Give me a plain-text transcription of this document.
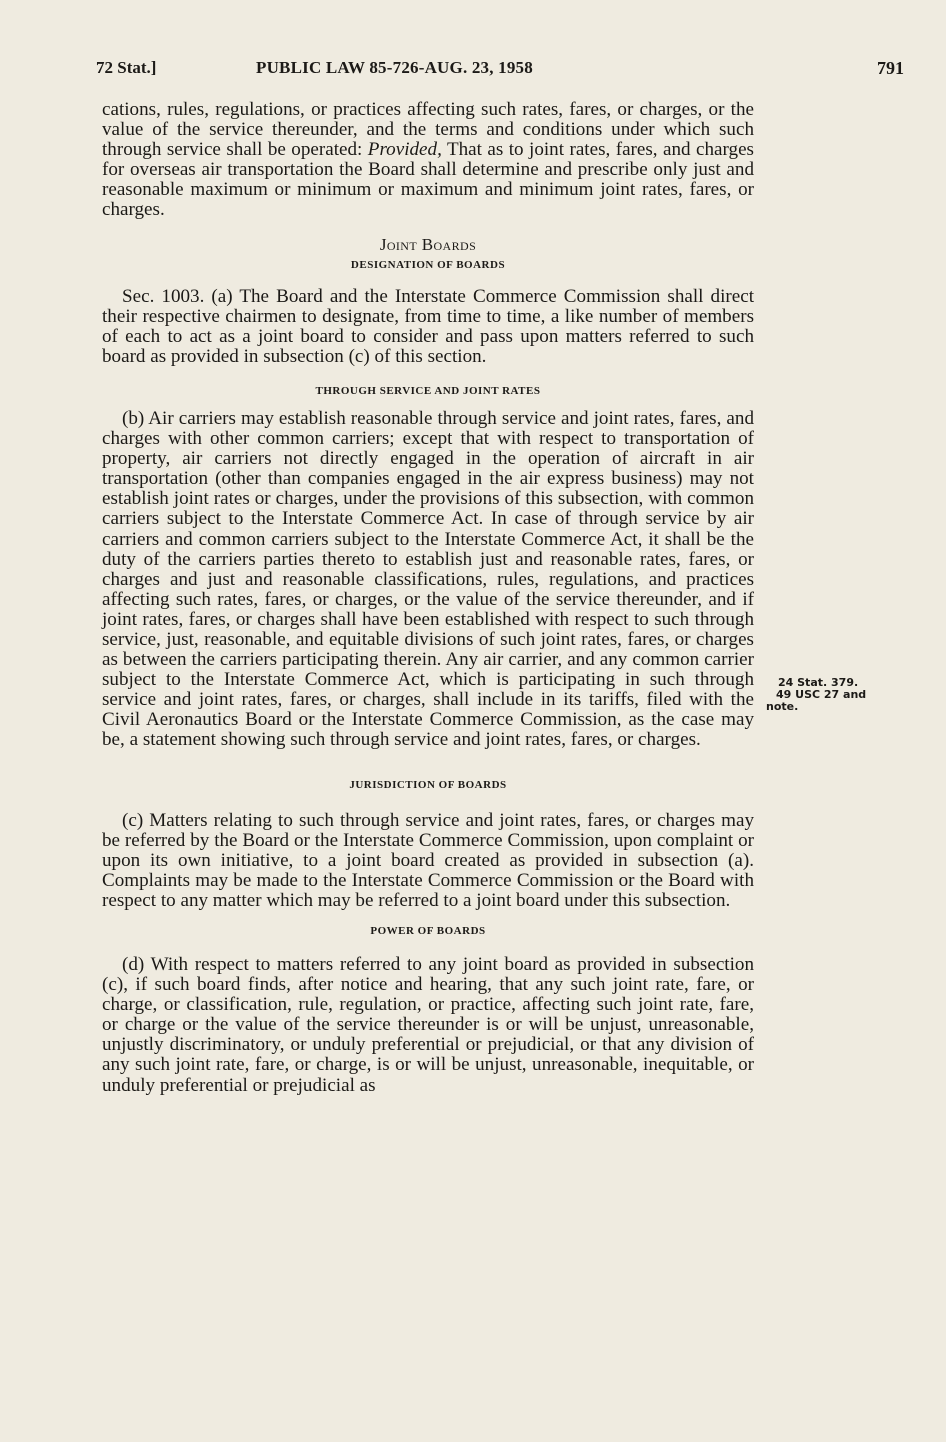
72 Stat.]	PUBLIC LAW 85-726-AUG. 23, 1958	791

cations, rules, regulations, or practices affecting such rates, fares, or charges, or the value of the service thereunder, and the terms and conditions under which such through service shall be operated: Provided, That as to joint rates, fares, and charges for overseas air transportation the Board shall determine and prescribe only just and reasonable maximum or minimum or maximum and minimum joint rates, fares, or charges.

Joint Boards
DESIGNATION OF BOARDS

Sec. 1003. (a) The Board and the Interstate Commerce Commission shall direct their respective chairmen to designate, from time to time, a like number of members of each to act as a joint board to consider and pass upon matters referred to such board as provided in subsection (c) of this section.

THROUGH SERVICE AND JOINT RATES

(b) Air carriers may establish reasonable through service and joint rates, fares, and charges with other common carriers; except that with respect to transportation of property, air carriers not directly engaged in the operation of aircraft in air transportation (other than companies engaged in the air express business) may not establish joint rates or charges, under the provisions of this subsection, with common carriers subject to the Interstate Commerce Act. In case of through service by air carriers and common carriers subject to the Interstate Commerce Act, it shall be the duty of the carriers parties thereto to establish just and reasonable rates, fares, or charges and just and reasonable classifications, rules, regulations, and practices affecting such rates, fares, or charges, or the value of the service thereunder, and if joint rates, fares, or charges shall have been established with respect to such through service, just, reasonable, and equitable divisions of such joint rates, fares, or charges as between the carriers participating therein. Any air carrier, and any common carrier subject to the Interstate Commerce Act, which is participating in such through service and joint rates, fares, or charges, shall include in its tariffs, filed with the Civil Aeronautics Board or the Interstate Commerce Commission, as the case may be, a statement showing such through service and joint rates, fares, or charges.

JURISDICTION OF BOARDS

(c) Matters relating to such through service and joint rates, fares, or charges may be referred by the Board or the Interstate Commerce Commission, upon complaint or upon its own initiative, to a joint board created as provided in subsection (a). Complaints may be made to the Interstate Commerce Commission or the Board with respect to any matter which may be referred to a joint board under this subsection.

POWER OF BOARDS

(d) With respect to matters referred to any joint board as provided in subsection (c), if such board finds, after notice and hearing, that any such joint rate, fare, or charge, or classification, rule, regulation, or practice, affecting such joint rate, fare, or charge or the value of the service thereunder is or will be unjust, unreasonable, unjustly discriminatory, or unduly preferential or prejudicial, or that any division of any such joint rate, fare, or charge, is or will be unjust, unreasonable, inequitable, or unduly preferential or prejudicial as

24 Stat. 379.
49 USC 27 and
note.
